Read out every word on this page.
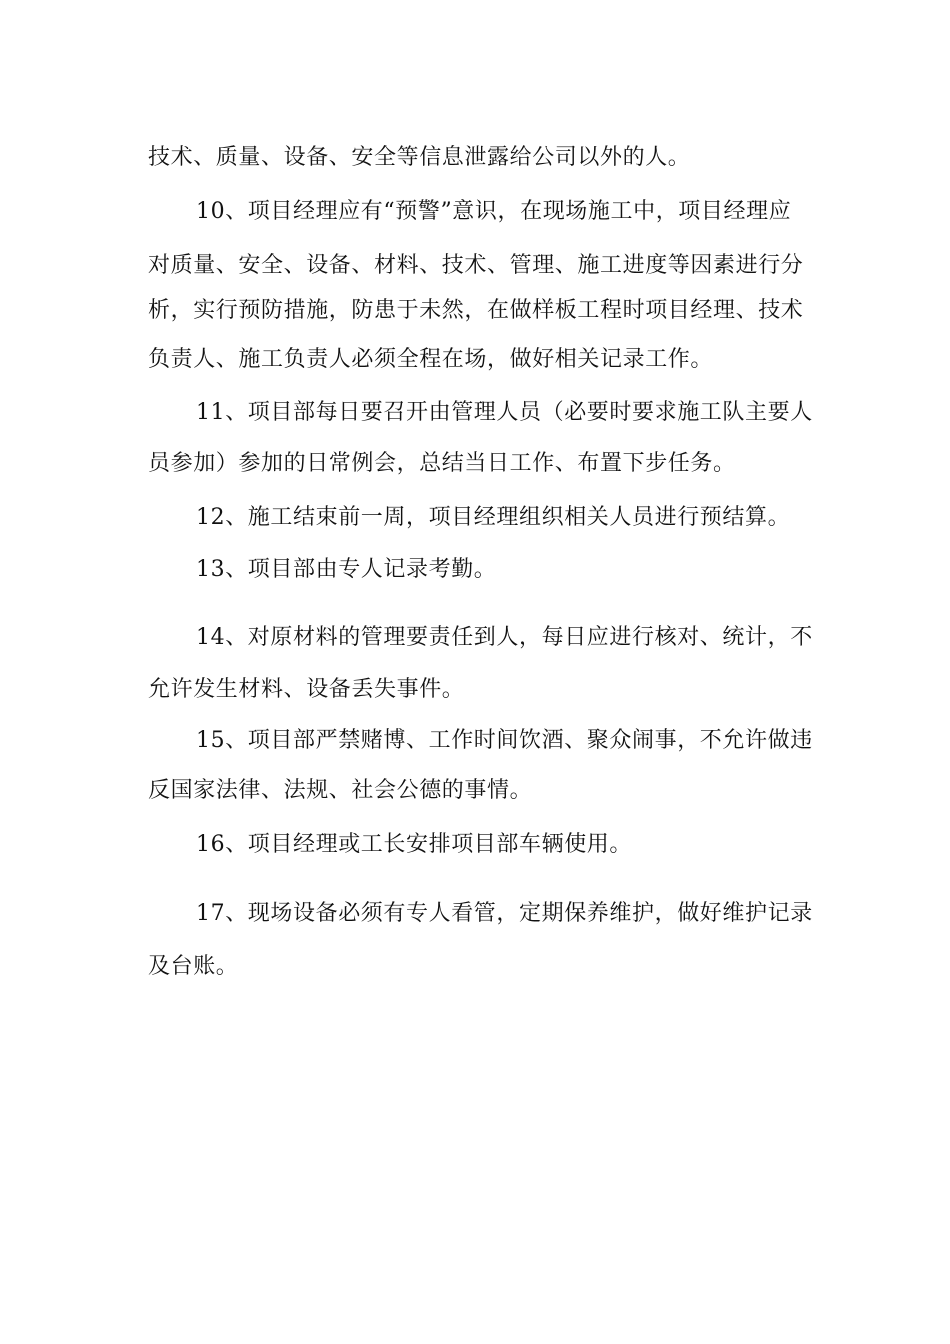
技术、质量、设备、安全等信息泄露给公司以外的人。
10、项目经理应有“预警”意识，在现场施工中，项目经理应
对质量、安全、设备、材料、技术、管理、施工进度等因素进行分
析，实行预防措施，防患于未然，在做样板工程时项目经理、技术
负责人、施工负责人必须全程在场，做好相关记录工作。
11、项目部每日要召开由管理人员（必要时要求施工队主要人
员参加）参加的日常例会，总结当日工作、布置下步任务。
12、施工结束前一周，项目经理组织相关人员进行预结算。
13、项目部由专人记录考勤。
14、对原材料的管理要责任到人，每日应进行核对、统计，不
允许发生材料、设备丢失事件。
15、项目部严禁赌博、工作时间饮酒、聚众闹事，不允许做违
反国家法律、法规、社会公德的事情。
16、项目经理或工长安排项目部车辆使用。
17、现场设备必须有专人看管，定期保养维护，做好维护记录
及台账。
